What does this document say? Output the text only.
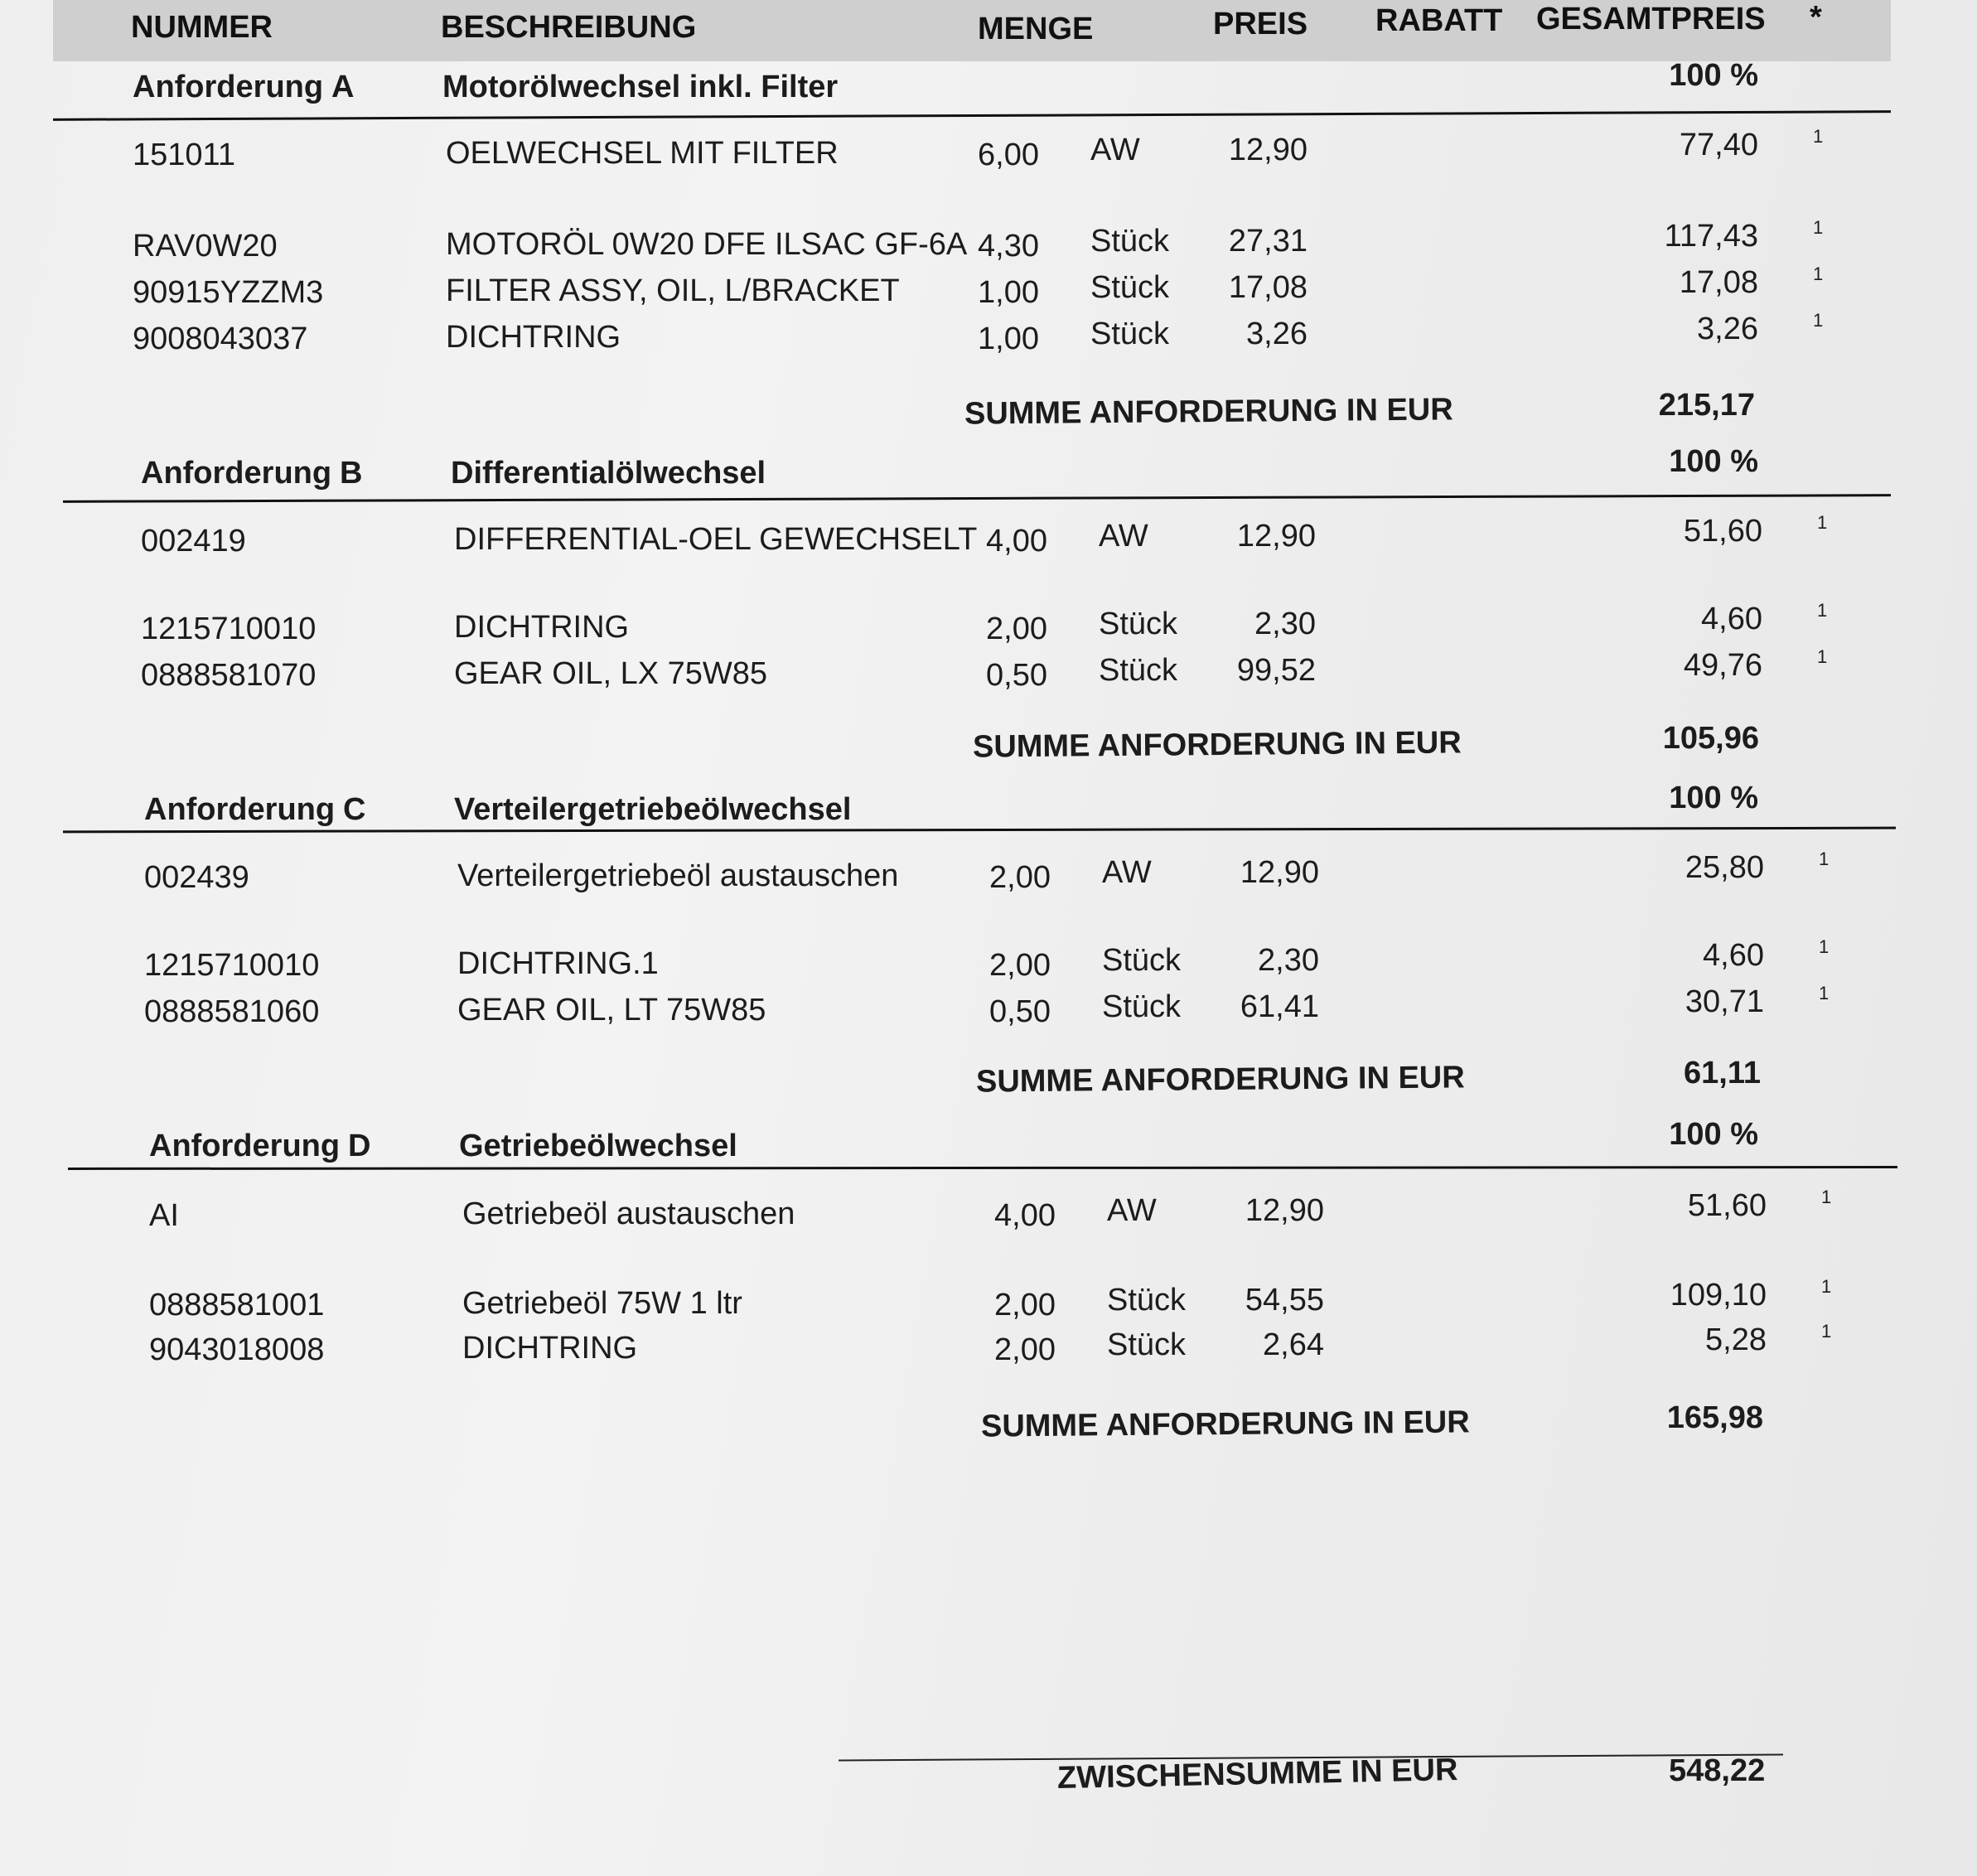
NUMMER	BESCHREIBUNG	MENGE	PREIS RABATT GESAMTPREIS *
Anforderung A	Motorölwechsel inkl. Filter	100 %
151011	OELWECHSEL MIT FILTER	6,00 AW	12,90	77,40	1
RAV0W20	MOTORÖL 0W20 DFE ILSAC GF-6A 4,30 Stück 27,31	117,43	1
90915YZZM3	FILTER ASSY, OIL, L/BRACKET 1,00 Stück 17,08	17,08	1
9008043037	DICHTRING	1,00 Stück 3,26	3,26	1
SUMME ANFORDERUNG IN EUR	215,17
Anforderung B	Differentialölwechsel	100 %
002419	DIFFERENTIAL-OEL GEWECHSELT 4,00 AW	12,90	51,60	1
1215710010	DICHTRING	2,00 Stück 2,30	4,60	1
0888581070	GEAR OIL, LX 75W85	0,50 Stück 99,52	49,76	1
SUMME ANFORDERUNG IN EUR	105,96
Anforderung C	Verteilergetriebeölwechsel	100 %
002439	Verteilergetriebeöl austauschen	2,00 AW	12,90	25,80	1
1215710010	DICHTRING.1	2,00 Stück 2,30	4,60	1
0888581060	GEAR OIL, LT 75W85	0,50 Stück 61,41	30,71	1
SUMME ANFORDERUNG IN EUR	61,11
Anforderung D	Getriebeölwechsel	100 %
AI	Getriebeöl austauschen	4,00 AW	12,90	51,60	1
0888581001	Getriebeöl 75W 1 ltr	2,00 Stück 54,55	109,10	1
9043018008	DICHTRING	2,00 Stück 2,64	5,28	1
SUMME ANFORDERUNG IN EUR	165,98
ZWISCHENSUMME IN EUR	548,22
